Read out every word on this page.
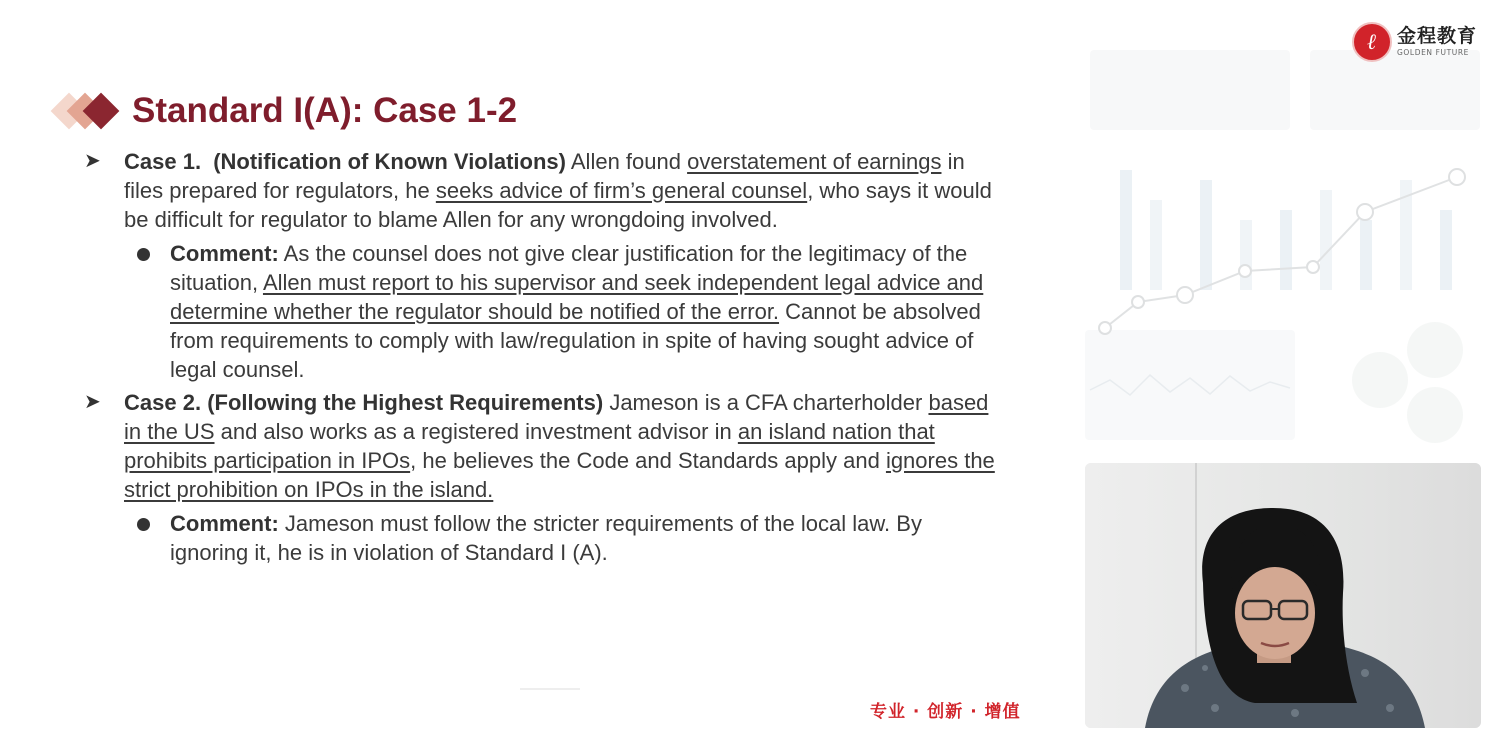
ℓ	金程教育
GOLDEN FUTURE
Standard I(A): Case 1-2
➤ Case 1. (Notification of Known Violations) Allen found overstatement of earnings in files prepared for regulators, he seeks advice of firm’s general counsel, who says it would be difficult for regulator to blame Allen for any wrongdoing involved.
Comment: As the counsel does not give clear justification for the legitimacy of the situation, Allen must report to his supervisor and seek independent legal advice and determine whether the regulator should be notified of the error. Cannot be absolved from requirements to comply with law/regulation in spite of having sought advice of legal counsel.
➤ Case 2. (Following the Highest Requirements) Jameson is a CFA charterholder based in the US and also works as a registered investment advisor in an island nation that prohibits participation in IPOs, he believes the Code and Standards apply and ignores the strict prohibition on IPOs in the island.
Comment: Jameson must follow the stricter requirements of the local law. By ignoring it, he is in violation of Standard I (A).
专业 · 创新 · 增值
